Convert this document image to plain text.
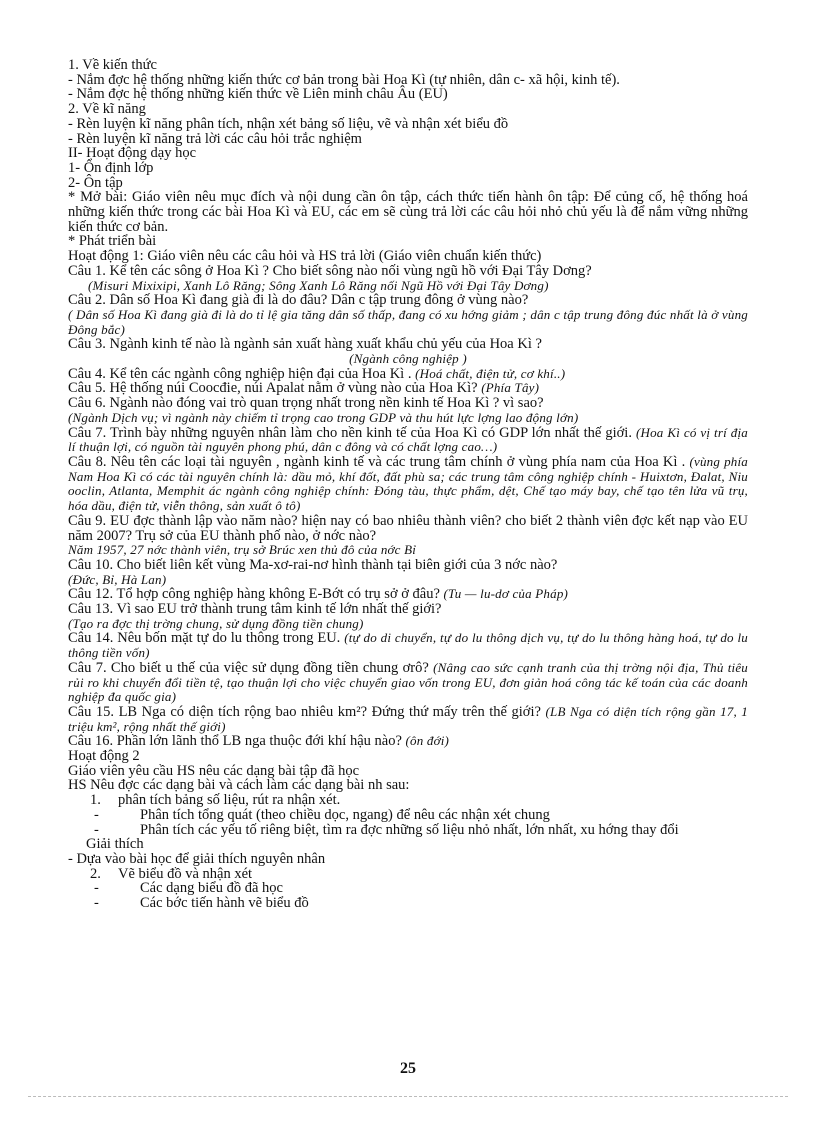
1. Về kiến thức

- Nắm đợc hệ thống những kiến thức cơ bản trong bài Hoa Kì (tự nhiên, dân c- xã hội, kinh tế).

- Nắm đợc hệ thống những kiến thức về Liên minh châu Âu (EU)

2. Về kĩ năng

- Rèn luyện kĩ năng phân tích, nhận xét bảng số liệu, vẽ và nhận xét biểu đồ

- Rèn luyện kĩ năng trả lời các câu hỏi trắc nghiệm

II- Hoạt động dạy học

1- Ổn định lớp

2- Ôn tập

* Mở bài: Giáo viên nêu mục đích và nội dung cần ôn tập, cách thức tiến hành ôn tập: Để củng cố, hệ thống hoá những kiến thức trong các bài Hoa Kì và EU, các em sẽ cùng trả lời các câu hỏi nhỏ chủ yếu là để nắm vững những kiến thức cơ bản.

* Phát triển bài

Hoạt động 1: Giáo viên nêu các câu hỏi và HS trả lời (Giáo viên chuẩn kiến thức)

Câu 1. Kể tên các sông ở Hoa Kì ? Cho biết sông nào nối vùng ngũ hồ với Đại Tây Dơng?

(Misuri Mixixipi, Xanh Lô Răng; Sông Xanh Lô Răng nối Ngũ Hồ với Đại Tây Dơng)

Câu 2. Dân số Hoa Kì đang già đi là do đâu? Dân c tập trung đông ở vùng nào?

( Dân số Hoa Kì đang già đi là do tỉ lệ gia tăng dân số thấp, đang có xu hớng giảm ; dân c tập trung đông đúc nhất là ở vùng Đông bắc)

Câu 3. Ngành kinh tế nào là ngành sản xuất hàng xuất khẩu chủ yếu của Hoa Kì ?

(Ngành công nghiệp )

Câu 4. Kể tên các ngành công nghiệp hiện đại của Hoa Kì . (Hoá chất, điện tử, cơ khí..)

Câu 5. Hệ thống núi Coocđie, núi Apalat nằm ở vùng nào của Hoa Kì? (Phía Tây)

Câu 6. Ngành nào đóng vai trò quan trọng nhất trong nền kinh tế Hoa Kì ? vì sao?

(Ngành Dịch vụ; vì ngành này chiếm tỉ trọng cao trong GDP và thu hút lực lợng lao động lớn)

Câu 7. Trình bày những nguyên nhân làm cho nền kinh tế của Hoa Kì có GDP lớn nhất thế giới. (Hoa Kì có vị trí địa lí thuận lợi, có nguồn tài nguyên phong phú, dân c đông và có chất lợng cao…)

Câu 8. Nêu tên các loại tài nguyên , ngành kinh tế và các trung tâm chính ở vùng phía nam của Hoa Kì . (vùng phía Nam Hoa Kì có các tài nguyên chính là: dầu mỏ, khí đốt, đất phù sa; các trung tâm công nghiệp chính - Huixtơn, Đalat, Niu ooclin, Atlanta, Memphit ác ngành công nghiệp chính: Đóng tàu, thực phẩm, dệt, Chế tạo máy bay, chế tạo tên lửa vũ trụ, hóa dầu, điện tử, viễn thông, sản xuất ô tô)

Câu 9. EU đợc thành lập vào năm nào? hiện nay có bao nhiêu thành viên? cho biết 2 thành viên đợc kết nạp vào EU năm 2007? Trụ sở của EU thành phố nào, ở nớc nào?

Năm 1957, 27 nớc thành viên, trụ sở Brúc xen thủ đô của nớc Bỉ

Câu 10. Cho biết liên kết vùng Ma-xơ-rai-nơ hình thành tại biên giới của 3 nớc nào?

(Đức, Bỉ, Hà Lan)

Câu 12. Tổ hợp công nghiệp hàng không E-Bớt có trụ sở ở đâu? (Tu — lu-dơ của Pháp)

Câu 13. Vì sao EU trở thành trung tâm kinh tế lớn nhất thế giới?

(Tạo ra đợc thị trờng chung, sử dụng đồng tiền chung)

Câu 14. Nêu bốn mặt tự do lu thông trong EU. (tự do di chuyển, tự do lu thông dịch vụ, tự do lu thông hàng hoá, tự do lu thông tiền vốn)

Câu 7. Cho biết u thế của việc sử dụng đồng tiền chung ơrô? (Nâng cao sức cạnh tranh của thị trờng nội địa, Thủ tiêu rủi ro khi chuyển đổi tiền tệ, tạo thuận lợi cho việc chuyển giao vốn trong EU, đơn giản hoá công tác kế toán của các doanh nghiệp đa quốc gia)

Câu 15. LB Nga có diện tích rộng bao nhiêu km²? Đứng thứ mấy trên thế giới? (LB Nga có diện tích rộng gần 17, 1 triệu km², rộng nhất thế giới)

Câu 16. Phần lớn lãnh thổ LB nga thuộc đới khí hậu nào? (ôn đới)

Hoạt động 2

Giáo viên yêu cầu HS nêu các dạng bài tập đã học

HS Nêu đợc các dạng bài và cách làm các dạng bài nh sau:

1.	phân tích bảng số liệu, rút ra nhận xét.

-	Phân tích tổng quát (theo chiều dọc, ngang) để nêu các nhận xét chung

-	Phân tích các yếu tố riêng biệt, tìm ra đợc những số liệu nhỏ nhất, lớn nhất, xu hớng thay đổi

Giải thích

- Dựa vào bài học để giải thích nguyên nhân

2.	Vẽ biểu đồ và nhận xét

-	Các dạng biểu đồ đã học

-	Các bớc tiến hành vẽ biểu đồ

25
